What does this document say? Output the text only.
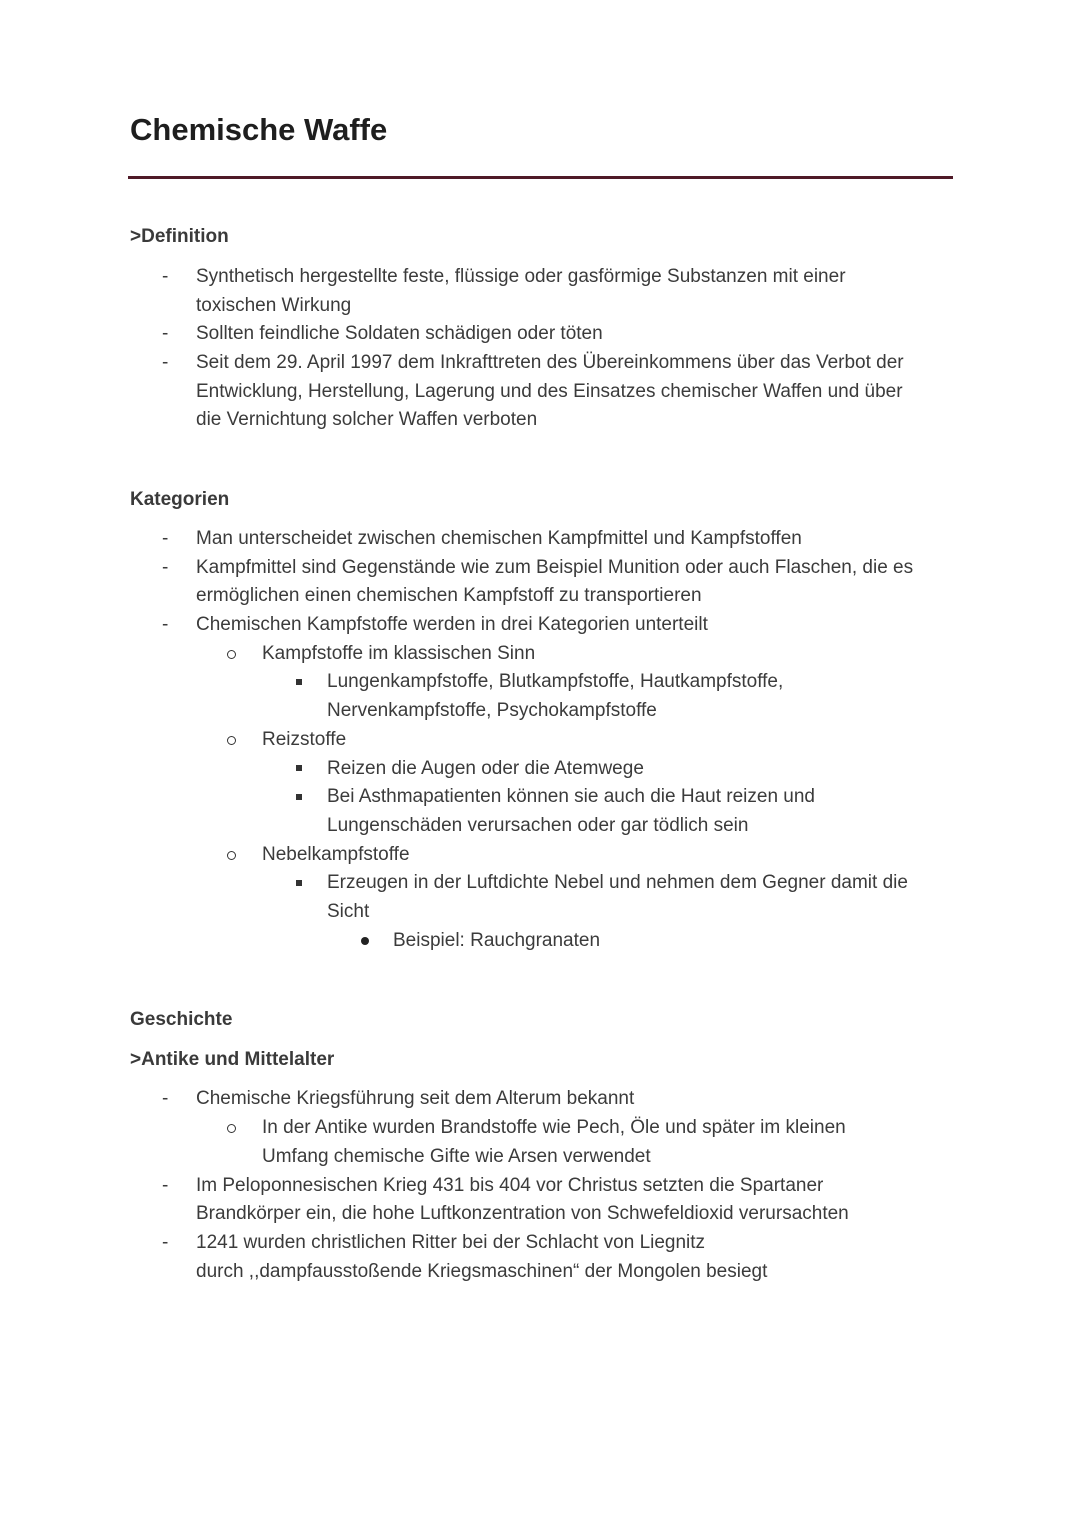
Chemische Waffe
>Definition
- Synthetisch hergestellte feste, flüssige oder gasförmige Substanzen mit einer
toxischen Wirkung
- Sollten feindliche Soldaten schädigen oder töten
- Seit dem 29. April 1997 dem Inkrafttreten des Übereinkommens über das Verbot der
Entwicklung, Herstellung, Lagerung und des Einsatzes chemischer Waffen und über
die Vernichtung solcher Waffen verboten
Kategorien
- Man unterscheidet zwischen chemischen Kampfmittel und Kampfstoffen
- Kampfmittel sind Gegenstände wie zum Beispiel Munition oder auch Flaschen, die es
ermöglichen einen chemischen Kampfstoff zu transportieren
- Chemischen Kampfstoffe werden in drei Kategorien unterteilt
Kampfstoffe im klassischen Sinn
Lungenkampfstoffe, Blutkampfstoffe, Hautkampfstoffe,
Nervenkampfstoffe, Psychokampfstoffe
Reizstoffe
Reizen die Augen oder die Atemwege
Bei Asthmapatienten können sie auch die Haut reizen und
Lungenschäden verursachen oder gar tödlich sein
Nebelkampfstoffe
Erzeugen in der Luftdichte Nebel und nehmen dem Gegner damit die
Sicht
Beispiel: Rauchgranaten
Geschichte
>Antike und Mittelalter
- Chemische Kriegsführung seit dem Alterum bekannt
In der Antike wurden Brandstoffe wie Pech, Öle und später im kleinen
Umfang chemische Gifte wie Arsen verwendet
- Im Peloponnesischen Krieg 431 bis 404 vor Christus setzten die Spartaner
Brandkörper ein, die hohe Luftkonzentration von Schwefeldioxid verursachten
- 1241 wurden christlichen Ritter bei der Schlacht von Liegnitz
durch ,,dampfausstoßende Kriegsmaschinen“ der Mongolen besiegt
